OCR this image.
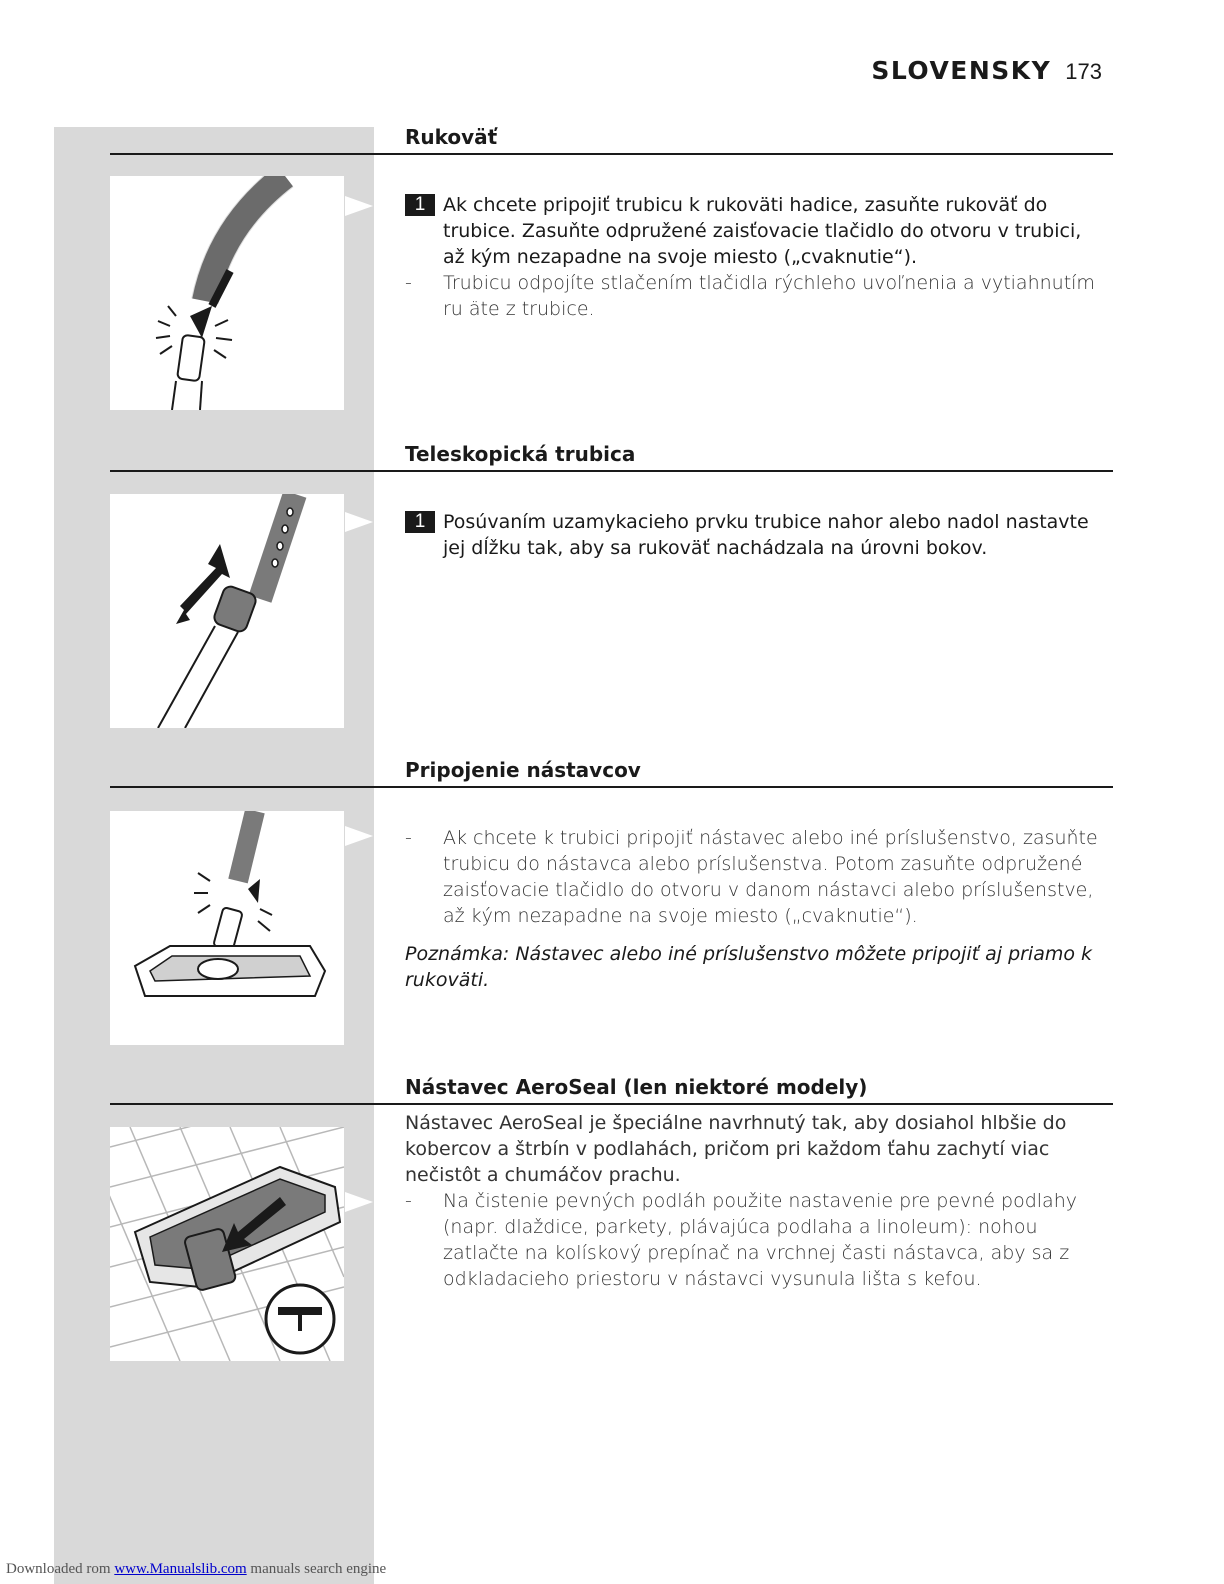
SLOVENSKY 173
Rukoväť
1 Ak chcete pripojiť trubicu k rukoväti hadice, zasuňte rukoväť do trubice. Zasuňte odpružené zaisťovacie tlačidlo do otvoru v trubici, až kým nezapadne na svoje miesto („cvaknutie“).
-	Trubicu odpojíte stlačením tlačidla rýchleho uvoľnenia a vytiahnutím ru äte z trubice.
Teleskopická trubica
1 Posúvaním uzamykacieho prvku trubice nahor alebo nadol nastavte jej dĺžku tak, aby sa rukoväť nachádzala na úrovni bokov.
Pripojenie nástavcov
-	Ak chcete k trubici pripojiť nástavec alebo iné príslušenstvo, zasuňte trubicu do nástavca alebo príslušenstva. Potom zasuňte odpružené zaisťovacie tlačidlo do otvoru v danom nástavci alebo príslušenstve, až kým nezapadne na svoje miesto („cvaknutie“).
Poznámka: Nástavec alebo iné príslušenstvo môžete pripojiť aj priamo k rukoväti.
Nástavec AeroSeal (len niektoré modely)
Nástavec AeroSeal je špeciálne navrhnutý tak, aby dosiahol hlbšie do kobercov a štrbín v podlahách, pričom pri každom ťahu zachytí viac nečistôt a chumáčov prachu.
-	Na čistenie pevných podláh použite nastavenie pre pevné podlahy (napr. dlaždice, parkety, plávajúca podlaha a linoleum): nohou zatlačte na kolískový prepínač na vrchnej časti nástavca, aby sa z odkladacieho priestoru v nástavci vysunula lišta s kefou.
Downloaded rom www.Manualslib.com manuals search engine
